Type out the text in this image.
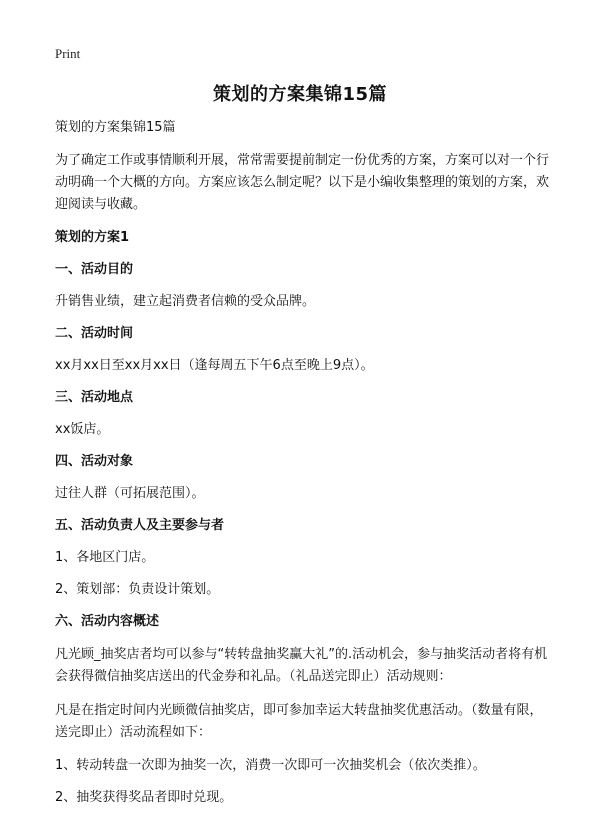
Print
策划的方案集锦15篇

策划的方案集锦15篇

为了确定工作或事情顺利开展，常常需要提前制定一份优秀的方案，方案可以对一个行动明确一个大概的方向。方案应该怎么制定呢？以下是小编收集整理的策划的方案，欢迎阅读与收藏。

策划的方案1

一、活动目的

升销售业绩，建立起消费者信赖的受众品牌。

二、活动时间

xx月xx日至xx月xx日（逢每周五下午6点至晚上9点）。

三、活动地点

xx饭店。

四、活动对象

过往人群（可拓展范围）。

五、活动负责人及主要参与者

1、各地区门店。

2、策划部：负责设计策划。

六、活动内容概述

凡光顾_抽奖店者均可以参与“转转盘抽奖赢大礼”的.活动机会，参与抽奖活动者将有机会获得微信抽奖店送出的代金券和礼品。（礼品送完即止）活动规则：

凡是在指定时间内光顾微信抽奖店，即可参加幸运大转盘抽奖优惠活动。（数量有限，送完即止）活动流程如下：

1、转动转盘一次即为抽奖一次，消费一次即可一次抽奖机会（依次类推）。

2、抽奖获得奖品者即时兑现。
